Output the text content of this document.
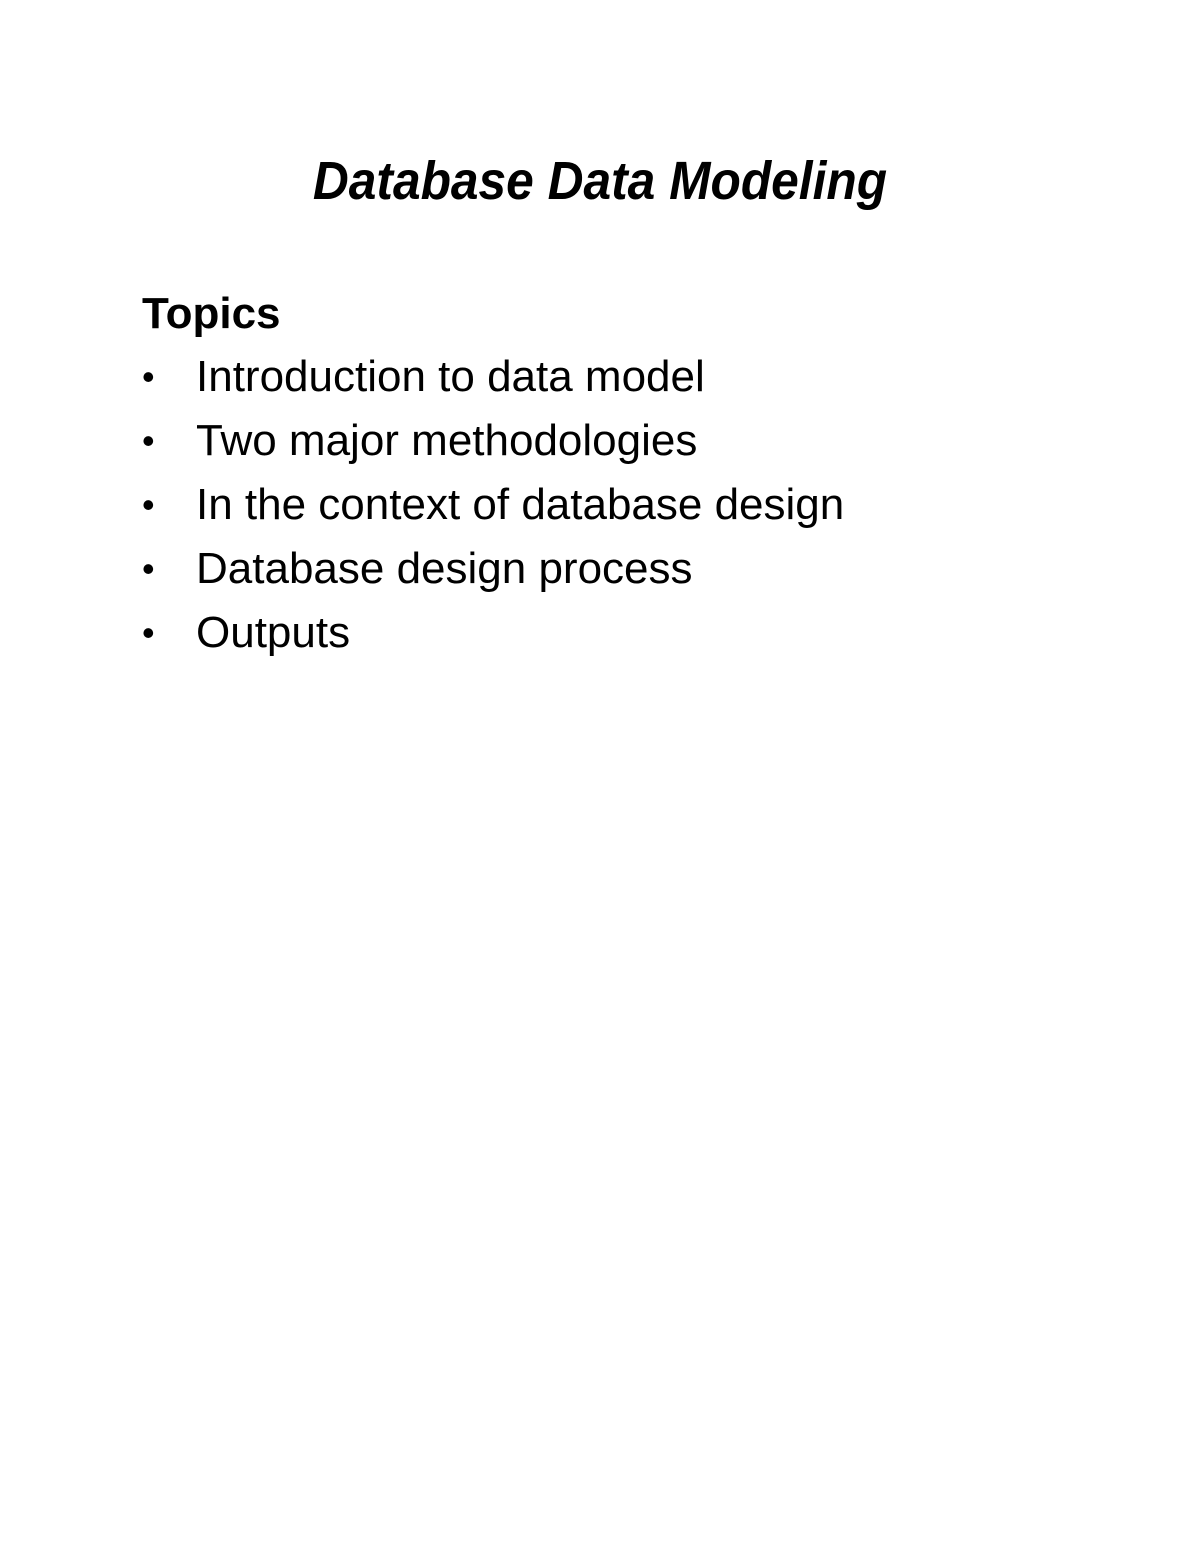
Database Data Modeling
Topics
• Introduction to data model
• Two major methodologies
• In the context of database design
• Database design process
• Outputs
